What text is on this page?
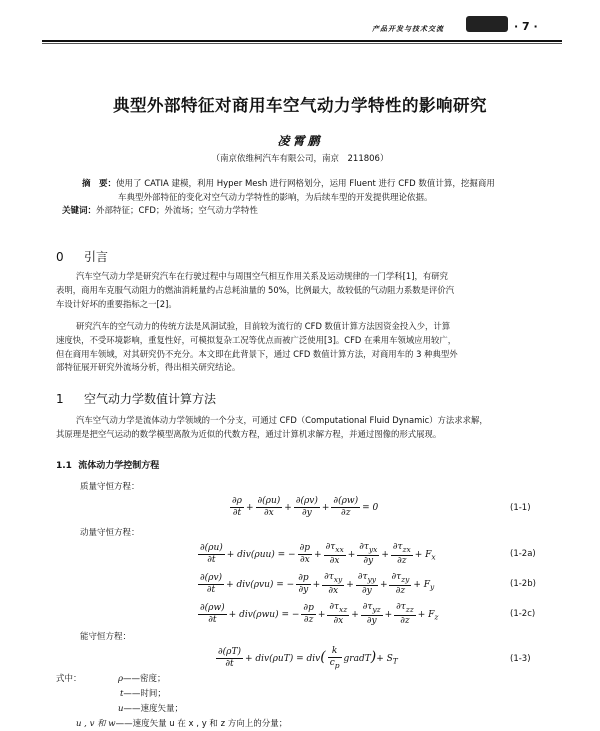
产品开发与技术交流	· 7 ·
典型外部特征对商用车空气动力学特性的影响研究
凌霄鹏
（南京依维柯汽车有限公司，南京　211806）
摘　要：使用了 CATIA 建模，利用 Hyper Mesh 进行网格划分，运用 Fluent 进行 CFD 数值计算，挖掘商用
车典型外部特征的变化对空气动力学特性的影响，为后续车型的开发提供理论依据。
关键词：外部特征；CFD；外流场；空气动力学特性
0 引言
汽车空气动力学是研究汽车在行驶过程中与周围空气相互作用关系及运动规律的一门学科[1]，有研究
表明，商用车克服气动阻力的燃油消耗量约占总耗油量的 50%，比例最大，故较低的气动阻力系数是评价汽
车设计好坏的重要指标之一[2]。
研究汽车的空气动力的传统方法是风洞试验，目前较为流行的 CFD 数值计算方法因资金投入少，计算
速度快，不受环境影响，重复性好，可模拟复杂工况等优点而被广泛使用[3]。CFD 在乘用车领域应用较广，
但在商用车领域，对其研究仍不充分。本文即在此背景下，通过 CFD 数值计算方法，对商用车的 3 种典型外
部特征展开研究外流场分析，得出相关研究结论。
1 空气动力学数值计算方法
汽车空气动力学是流体动力学领域的一个分支，可通过 CFD（Computational Fluid Dynamic）方法求求解，
其原理是把空气运动的数学模型离散为近似的代数方程，通过计算机求解方程，并通过图像的形式展现。
1.1 流体动力学控制方程
质量守恒方程：
$\frac{\partial\rho}{\partial t} + \frac{\partial(\rho u)}{\partial x} + \frac{\partial(\rho v)}{\partial y} + \frac{\partial(\rho w)}{\partial z} = 0$	(1-1)
动量守恒方程：
$\frac{\partial(\rho u)}{\partial t} + div(\rho uu)$ = − $\frac{\partial p}{\partial x} + \frac{\partial\tau_{xx}}{\partial x} + \frac{\partial\tau_{yx}}{\partial y} + \frac{\partial\tau_{zx}}{\partial z} + F_x$	(1-2a)
$\frac{\partial(\rho v)}{\partial t} + div(\rho vu)$ = − $\frac{\partial p}{\partial y} + \frac{\partial\tau_{xy}}{\partial x} + \frac{\partial\tau_{yy}}{\partial y} + \frac{\partial\tau_{zy}}{\partial z} + F_y$	(1-2b)
$\frac{\partial(\rho w)}{\partial t} + div(\rho wu)$ = − $\frac{\partial p}{\partial z} + \frac{\partial\tau_{xz}}{\partial x} + \frac{\partial\tau_{yz}}{\partial y} + \frac{\partial\tau_{zz}}{\partial z} + F_z$	(1-2c)
能守恒方程：
$\frac{\partial(\rho T)}{\partial t} + div(\rho uT) = div( \frac{k}{c_p}$ gradT)+ $S_T$	(1-3)
式中：	ρ——密度；
t——时间；
u——速度矢量；
u , v 和 w——速度矢量 u 在 x , y 和 z 方向上的分量；
